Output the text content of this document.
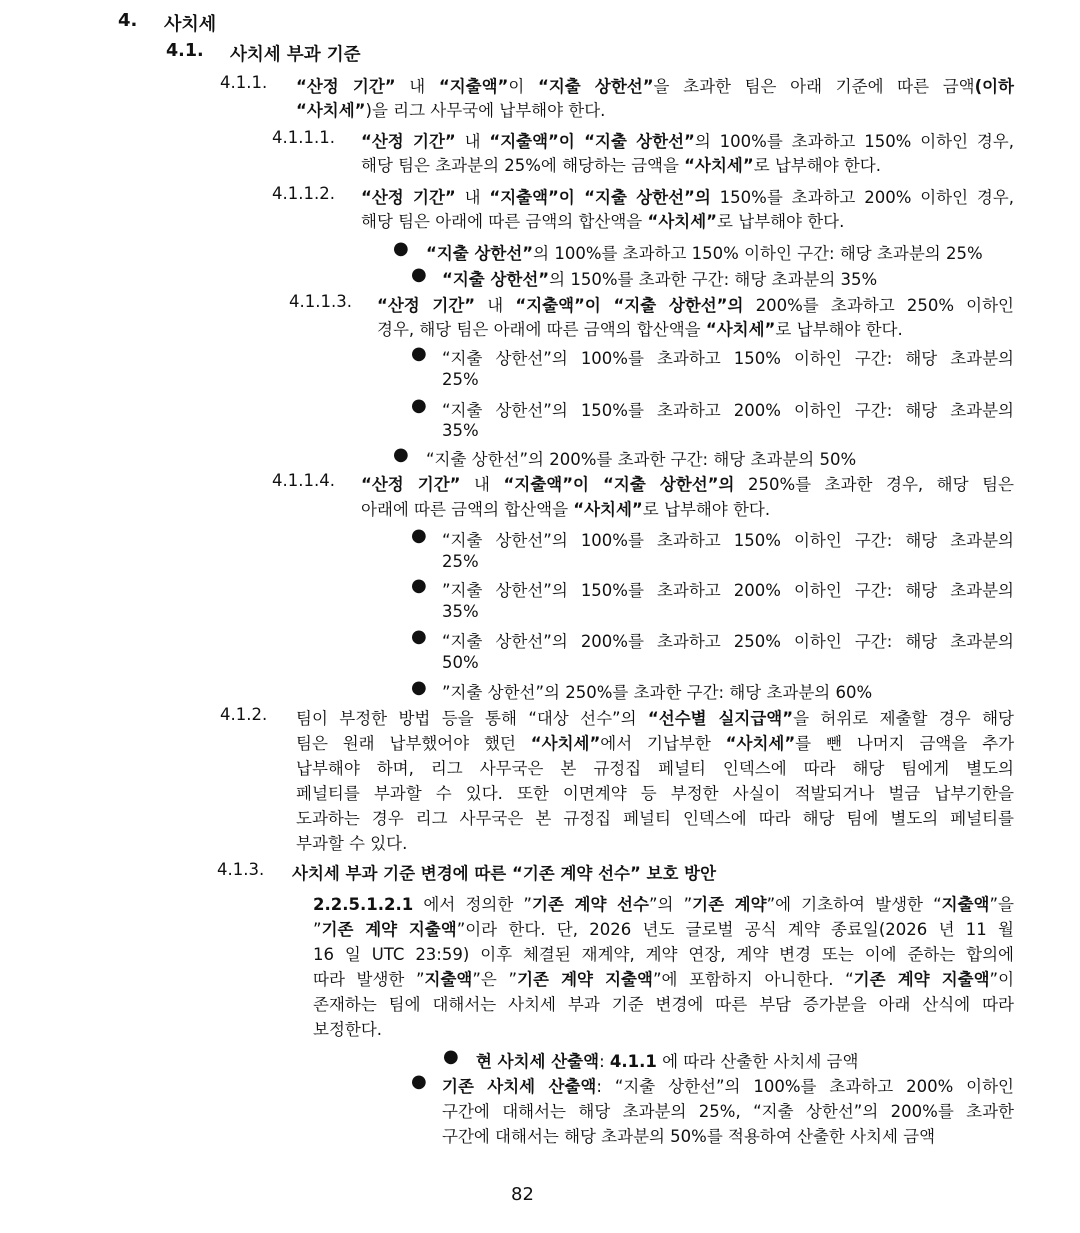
4. 사치세
4.1. 사치세 부과 기준
4.1.1. “산정 기간” 내 “지출액”이 “지출 상한선”을 초과한 팀은 아래 기준에 따른 금액(이하
“사치세”)을 리그 사무국에 납부해야 한다.
4.1.1.1. “산정 기간” 내 “지출액”이 “지출 상한선”의 100%를 초과하고 150% 이하인 경우,
해당 팀은 초과분의 25%에 해당하는 금액을 “사치세”로 납부해야 한다.
4.1.1.2. “산정 기간” 내 “지출액”이 “지출 상한선”의 150%를 초과하고 200% 이하인 경우,
해당 팀은 아래에 따른 금액의 합산액을 “사치세”로 납부해야 한다.
● “지출 상한선”의 100%를 초과하고 150% 이하인 구간: 해당 초과분의 25%
● “지출 상한선”의 150%를 초과한 구간: 해당 초과분의 35%
4.1.1.3. “산정 기간” 내 “지출액”이 “지출 상한선”의 200%를 초과하고 250% 이하인
경우, 해당 팀은 아래에 따른 금액의 합산액을 “사치세”로 납부해야 한다.
● “지출 상한선”의 100%를 초과하고 150% 이하인 구간: 해당 초과분의
25%
● “지출 상한선”의 150%를 초과하고 200% 이하인 구간: 해당 초과분의
35%
● “지출 상한선”의 200%를 초과한 구간: 해당 초과분의 50%
4.1.1.4. “산정 기간” 내 “지출액”이 “지출 상한선”의 250%를 초과한 경우, 해당 팀은
아래에 따른 금액의 합산액을 “사치세”로 납부해야 한다.
● “지출 상한선”의 100%를 초과하고 150% 이하인 구간: 해당 초과분의
25%
● ”지출 상한선”의 150%를 초과하고 200% 이하인 구간: 해당 초과분의
35%
● “지출 상한선”의 200%를 초과하고 250% 이하인 구간: 해당 초과분의
50%
● ”지출 상한선”의 250%를 초과한 구간: 해당 초과분의 60%
4.1.2. 팀이 부정한 방법 등을 통해 “대상 선수”의 “선수별 실지급액”을 허위로 제출할 경우 해당
팀은 원래 납부했어야 했던 “사치세”에서 기납부한 “사치세”를 뺀 나머지 금액을 추가
납부해야 하며, 리그 사무국은 본 규정집 페널티 인덱스에 따라 해당 팀에게 별도의
페널티를 부과할 수 있다. 또한 이면계약 등 부정한 사실이 적발되거나 벌금 납부기한을
도과하는 경우 리그 사무국은 본 규정집 페널티 인덱스에 따라 해당 팀에 별도의 페널티를
부과할 수 있다.
4.1.3. 사치세 부과 기준 변경에 따른 “기존 계약 선수” 보호 방안
2.2.5.1.2.1 에서 정의한 ”기존 계약 선수”의 ”기존 계약”에 기초하여 발생한 “지출액”을
”기존 계약 지출액”이라 한다. 단, 2026 년도 글로벌 공식 계약 종료일(2026 년 11 월
16 일 UTC 23:59) 이후 체결된 재계약, 계약 연장, 계약 변경 또는 이에 준하는 합의에
따라 발생한 ”지출액”은 ”기존 계약 지출액”에 포함하지 아니한다. “기존 계약 지출액”이
존재하는 팀에 대해서는 사치세 부과 기준 변경에 따른 부담 증가분을 아래 산식에 따라
보정한다.
● 현 사치세 산출액: 4.1.1 에 따라 산출한 사치세 금액
● 기존 사치세 산출액: “지출 상한선”의 100%를 초과하고 200% 이하인
구간에 대해서는 해당 초과분의 25%, “지출 상한선”의 200%를 초과한
구간에 대해서는 해당 초과분의 50%를 적용하여 산출한 사치세 금액
82
